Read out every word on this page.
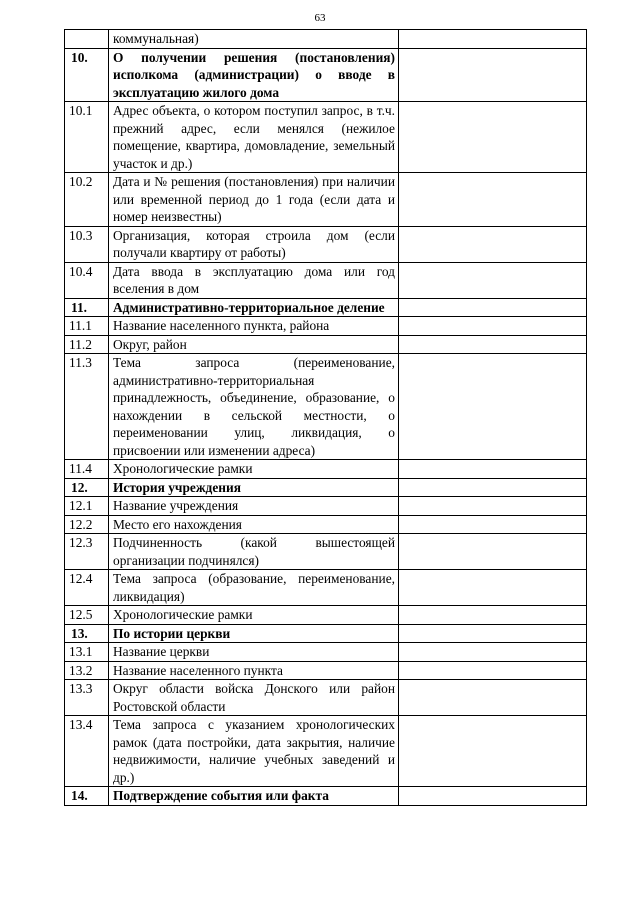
63
	коммунальная)	
10.	О получении решения (постановления) исполкома (администрации) о вводе в эксплуатацию жилого дома	
10.1	Адрес объекта, о котором поступил запрос, в т.ч. прежний адрес, если менялся (нежилое помещение, квартира, домовладение, земельный участок и др.)	
10.2	Дата и № решения (постановления) при наличии или временной период до 1 года (если дата и номер неизвестны)	
10.3	Организация, которая строила дом (если получали квартиру от работы)	
10.4	Дата ввода в эксплуатацию дома или год вселения в дом	
11.	Административно-территориальное деление	
11.1	Название населенного пункта, района	
11.2	Округ, район	
11.3	Тема запроса (переименование, административно-территориальная принадлежность, объединение, образование, о нахождении в сельской местности, о переименовании улиц, ликвидация, о присвоении или изменении адреса)	
11.4	Хронологические рамки	
12.	История учреждения	
12.1	Название учреждения	
12.2	Место его нахождения	
12.3	Подчиненность (какой вышестоящей организации подчинялся)	
12.4	Тема запроса (образование, переименование, ликвидация)	
12.5	Хронологические рамки	
13.	По истории церкви	
13.1	Название церкви	
13.2	Название населенного пункта	
13.3	Округ области войска Донского или район Ростовской области	
13.4	Тема запроса с указанием хронологических рамок (дата постройки, дата закрытия, наличие недвижимости, наличие учебных заведений и др.)	
14.	Подтверждение события или факта	
